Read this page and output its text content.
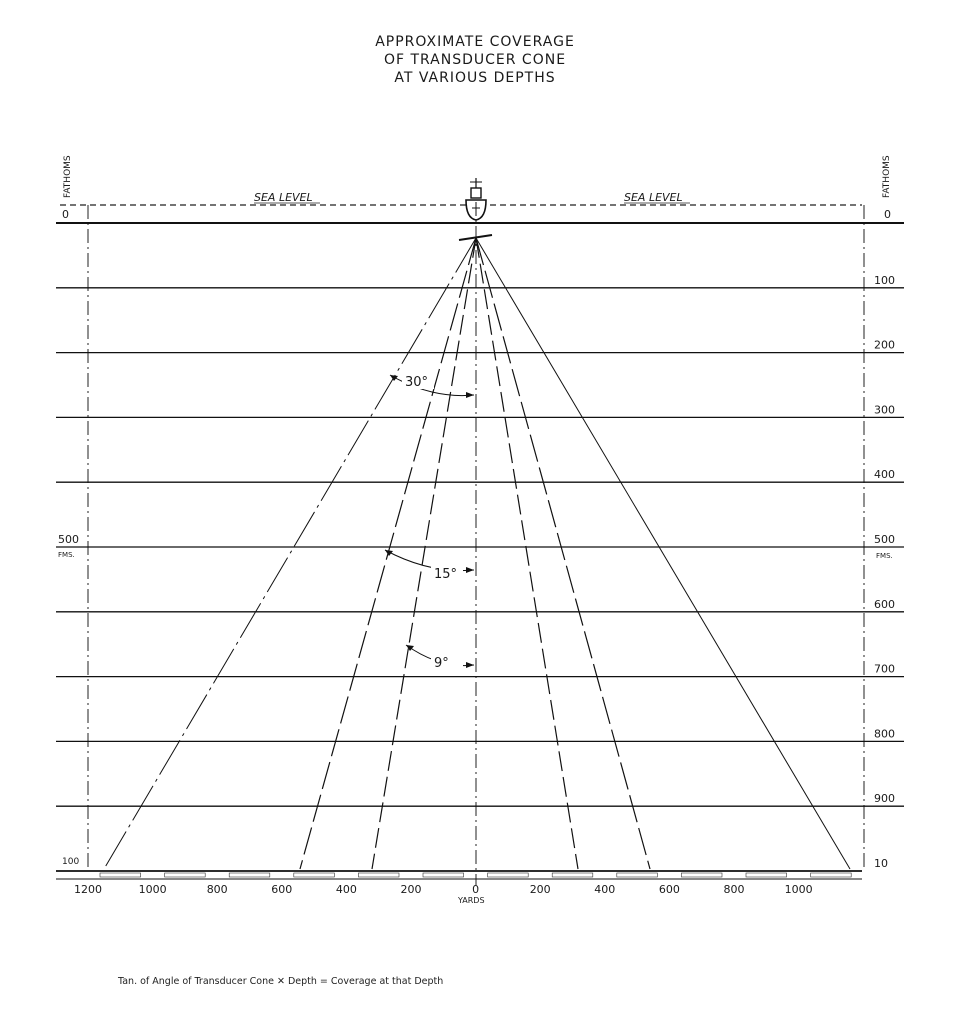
APPROXIMATE COVERAGE
OF TRANSDUCER CONE
AT VARIOUS DEPTHS
30°
15°
9°
FATHOMS	FATHOMS
SEA LEVEL	SEA LEVEL
0	0
500
FMS.
100
100
200
300
400
500
600
700
800
900
10
FMS.
1200	1000	800	600	400	200	0	200	400	600	800	1000
YARDS
Tan. of Angle of Transducer Cone ✕ Depth = Coverage at that Depth
